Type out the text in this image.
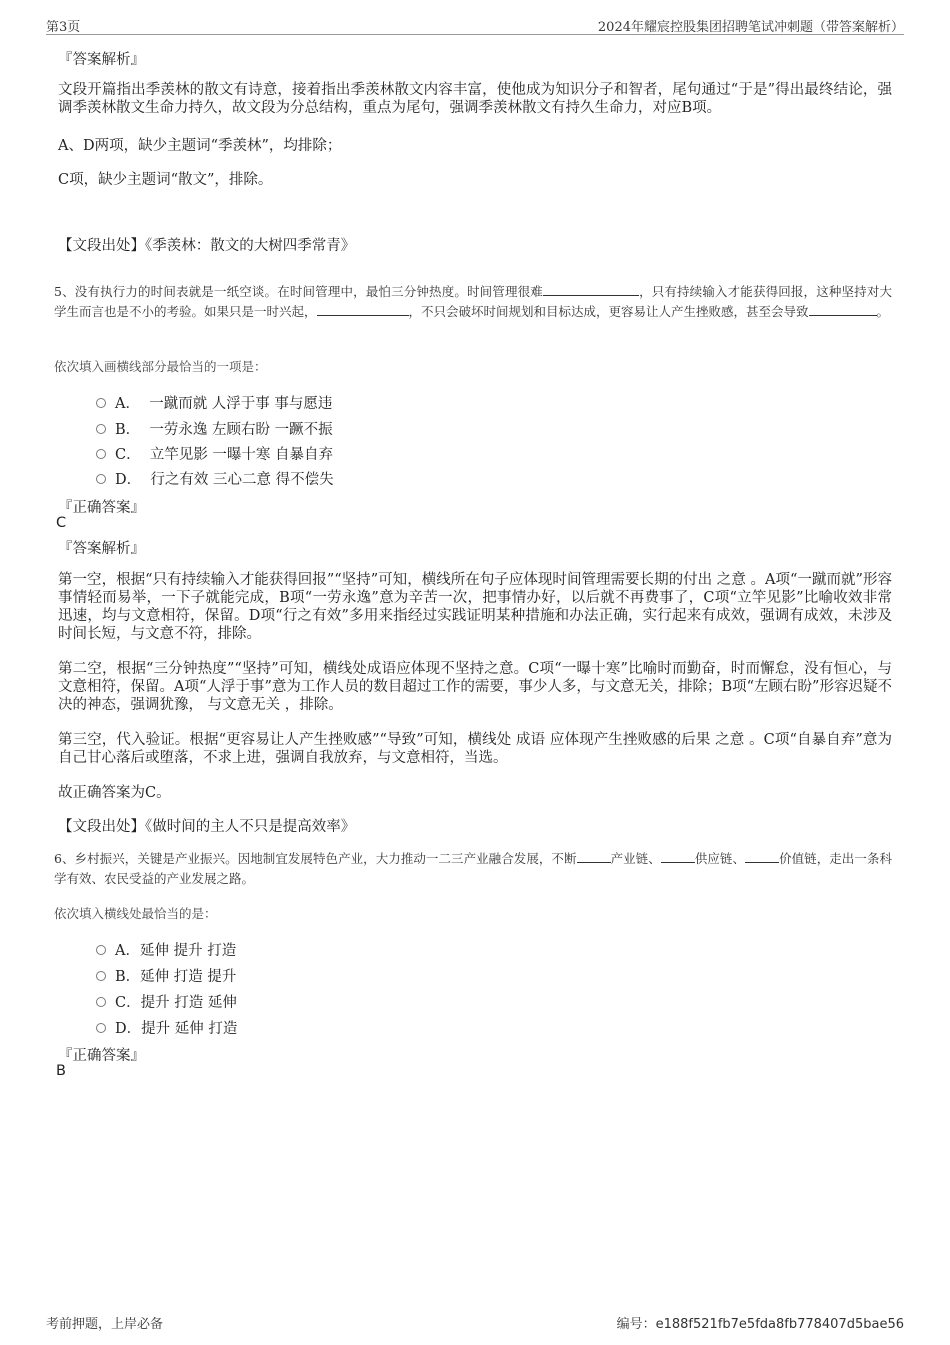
第3页	2024年耀宸控股集团招聘笔试冲刺题（带答案解析）
『答案解析』
文段开篇指出季羡林的散文有诗意，接着指出季羡林散文内容丰富，使他成为知识分子和智者，尾句通过“于是”得出最终结论，强调季羡林散文生命力持久，故文段为分总结构，重点为尾句，强调季羡林散文有持久生命力，对应B项。
A、D两项，缺少主题词“季羡林”，均排除；
C项，缺少主题词“散文”，排除。
【文段出处】《季羡林：散文的大树四季常青》
5、没有执行力的时间表就是一纸空谈。在时间管理中，最怕三分钟热度。时间管理很难	，只有持续输入才能获得回报，这种坚持对大学生而言也是不小的考验。如果只是一时兴起，	，不只会破坏时间规划和目标达成，更容易让人产生挫败感，甚至会导致	。
依次填入画横线部分最恰当的一项是：
A． 一蹴而就 人浮于事 事与愿违
B． 一劳永逸 左顾右盼 一蹶不振
C． 立竿见影 一曝十寒 自暴自弃
D． 行之有效 三心二意 得不偿失
『正确答案』
C
『答案解析』
第一空，根据“只有持续输入才能获得回报”“坚持”可知，横线所在句子应体现时间管理需要长期的付出 之意 。A项“一蹴而就”形容事情轻而易举，一下子就能完成，B项“一劳永逸”意为辛苦一次，把事情办好，以后就不再费事了，C项“立竿见影”比喻收效非常迅速，均与文意相符，保留。D项“行之有效”多用来指经过实践证明某种措施和办法正确，实行起来有成效，强调有成效，未涉及时间长短，与文意不符，排除。
第二空，根据“三分钟热度”“坚持”可知，横线处成语应体现不坚持之意。C项“一曝十寒”比喻时而勤奋，时而懈怠，没有恒心，与文意相符，保留。A项“人浮于事”意为工作人员的数目超过工作的需要，事少人多，与文意无关，排除；B项“左顾右盼”形容迟疑不决的神态，强调犹豫， 与文意无关 ，排除。
第三空，代入验证。根据“更容易让人产生挫败感”“导致”可知，横线处 成语 应体现产生挫败感的后果 之意 。C项“自暴自弃”意为自己甘心落后或堕落，不求上进，强调自我放弃，与文意相符，当选。
故正确答案为C。
【文段出处】《做时间的主人不只是提高效率》
6、乡村振兴，关键是产业振兴。因地制宜发展特色产业，大力推动一二三产业融合发展，不断	产业链、	供应链、	价值链，走出一条科学有效、农民受益的产业发展之路。
依次填入横线处最恰当的是：
A．延伸 提升 打造
B．延伸 打造 提升
C．提升 打造 延伸
D．提升 延伸 打造
『正确答案』
B
考前押题，上岸必备	编号：e188f521fb7e5fda8fb778407d5bae56
